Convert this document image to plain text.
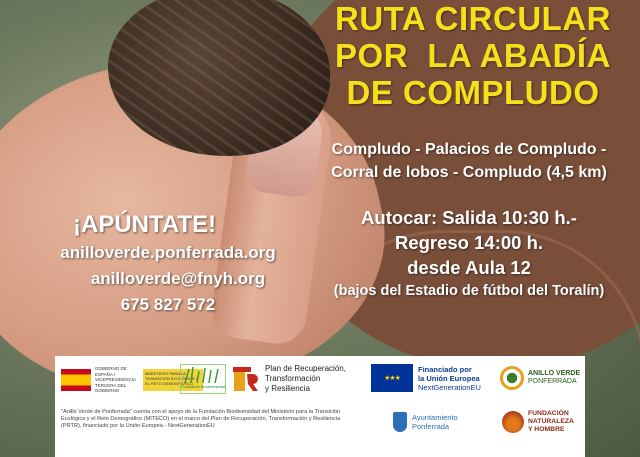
RUTA CIRCULAR
POR  LA ABADÍA
DE COMPLUDO
Compludo - Palacios de Compludo -
Corral de lobos - Compludo (4,5 km)
Autocar: Salida 10:30 h.-
Regreso 14:00 h.
desde Aula 12
(bajos del Estadio de fútbol del Toralín)
¡APÚNTATE!
anilloverde.ponferrada.org
anilloverde@fnyh.org
675 827 572
GOBIERNO DE ESPAÑA / VICEPRESIDENCIA TERCERA DEL GOBIERNO
MINISTERIO PARA LA TRANSICIÓN ECOLÓGICA Y EL RETO DEMOGRÁFICO
Fundación Biodiversidad
Plan de Recuperación,
Transformación
y Resiliencia
★★★
Financiado por
la Unión Europea
NextGenerationEU
ANILLO VERDE
PONFERRADA
Ayuntamiento
Ponferrada
FUNDACIÓN
NATURALEZA
Y HOMBRE
"Anillo Verde de Ponferrada" cuenta con el apoyo de la Fundación Biodiversidad del Ministerio para la Transición Ecológica y el Reto Demográfico (MITECO) en el marco del Plan de Recuperación, Transformación y Resiliencia (PRTR), financiado por la Unión Europea - NextGenerationEU
